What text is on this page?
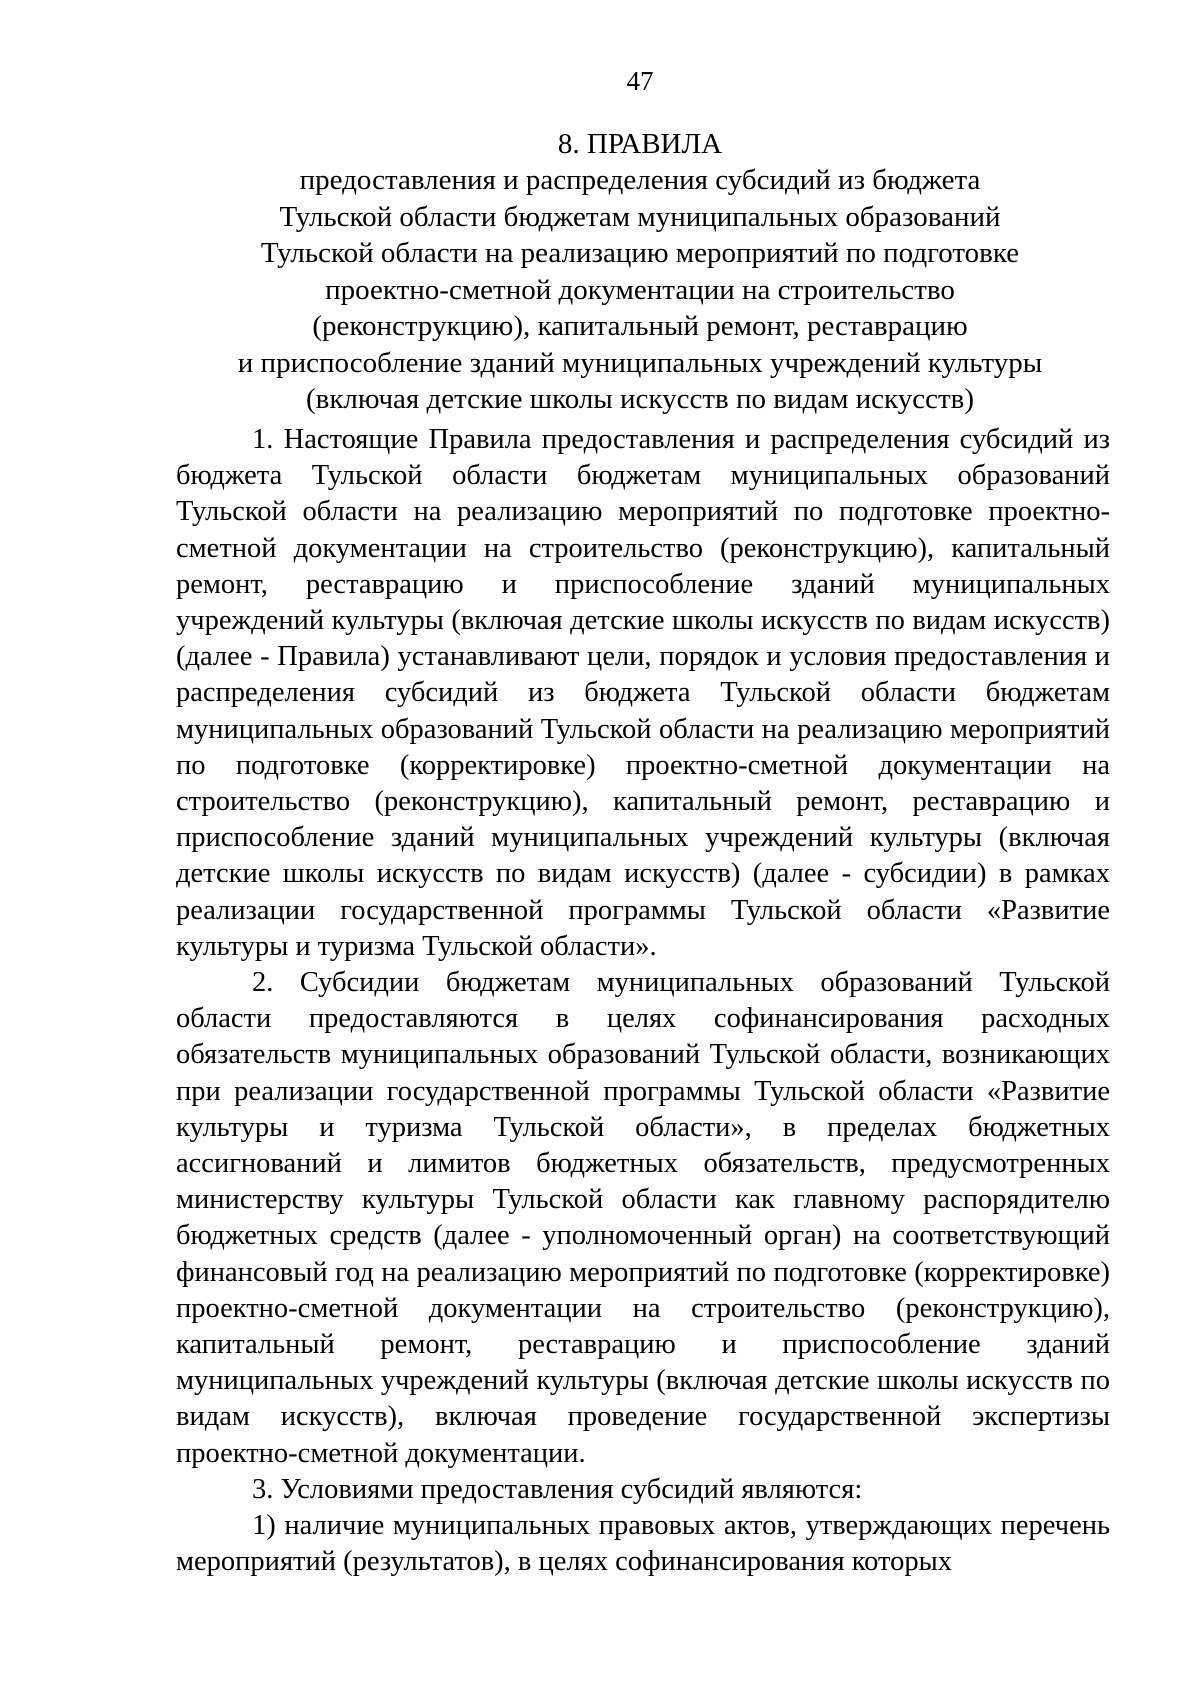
47

8. ПРАВИЛА

предоставления и распределения субсидий из бюджета

Тульской области бюджетам муниципальных образований

Тульской области на реализацию мероприятий по подготовке

проектно-сметной документации на строительство

(реконструкцию), капитальный ремонт, реставрацию

и приспособление зданий муниципальных учреждений культуры

(включая детские школы искусств по видам искусств)

1. Настоящие Правила предоставления и распределения субсидий из бюджета Тульской области бюджетам муниципальных образований Тульской области на реализацию мероприятий по подготовке проектно-сметной документации на строительство (реконструкцию), капитальный ремонт, реставрацию и приспособление зданий муниципальных учреждений культуры (включая детские школы искусств по видам искусств) (далее - Правила) устанавливают цели, порядок и условия предоставления и распределения субсидий из бюджета Тульской области бюджетам муниципальных образований Тульской области на реализацию мероприятий по подготовке (корректировке) проектно-сметной документации на строительство (реконструкцию), капитальный ремонт, реставрацию и приспособление зданий муниципальных учреждений культуры (включая детские школы искусств по видам искусств) (далее - субсидии) в рамках реализации государственной программы Тульской области «Развитие культуры и туризма Тульской области».

2. Субсидии бюджетам муниципальных образований Тульской области предоставляются в целях софинансирования расходных обязательств муниципальных образований Тульской области, возникающих при реализации государственной программы Тульской области «Развитие культуры и туризма Тульской области», в пределах бюджетных ассигнований и лимитов бюджетных обязательств, предусмотренных министерству культуры Тульской области как главному распорядителю бюджетных средств (далее - уполномоченный орган) на соответствующий финансовый год на реализацию мероприятий по подготовке (корректировке) проектно-сметной документации на строительство (реконструкцию), капитальный ремонт, реставрацию и приспособление зданий муниципальных учреждений культуры (включая детские школы искусств по видам искусств), включая проведение государственной экспертизы проектно-сметной документации.

3. Условиями предоставления субсидий являются:

1) наличие муниципальных правовых актов, утверждающих перечень мероприятий (результатов), в целях софинансирования которых
